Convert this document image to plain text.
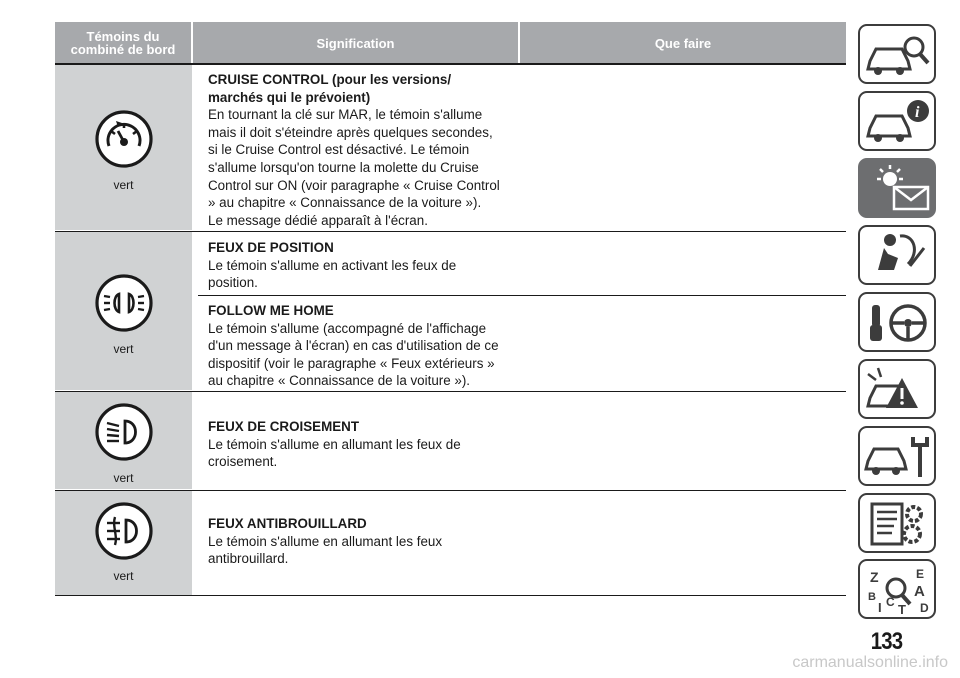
Témoins du
combiné de bord	Signification	Que faire
vert
CRUISE CONTROL (pour les versions/
marchés qui le prévoient)
En tournant la clé sur MAR, le témoin s'allume
mais il doit s'éteindre après quelques secondes,
si le Cruise Control est désactivé. Le témoin
s'allume lorsqu'on tourne la molette du Cruise
Control sur ON (voir paragraphe « Cruise Control
» au chapitre « Connaissance de la voiture »).
Le message dédié apparaît à l'écran.
vert
FEUX DE POSITION
Le témoin s'allume en activant les feux de
position.
FOLLOW ME HOME
Le témoin s'allume (accompagné de l'affichage
d'un message à l'écran) en cas d'utilisation de ce
dispositif (voir le paragraphe « Feux extérieurs »
au chapitre « Connaissance de la voiture »).
vert
FEUX DE CROISEMENT
Le témoin s'allume en allumant les feux de
croisement.
vert
FEUX ANTIBROUILLARD
Le témoin s'allume en allumant les feux
antibrouillard.
i
Z	E
B	A
I C T D
133
carmanualsonline.info
